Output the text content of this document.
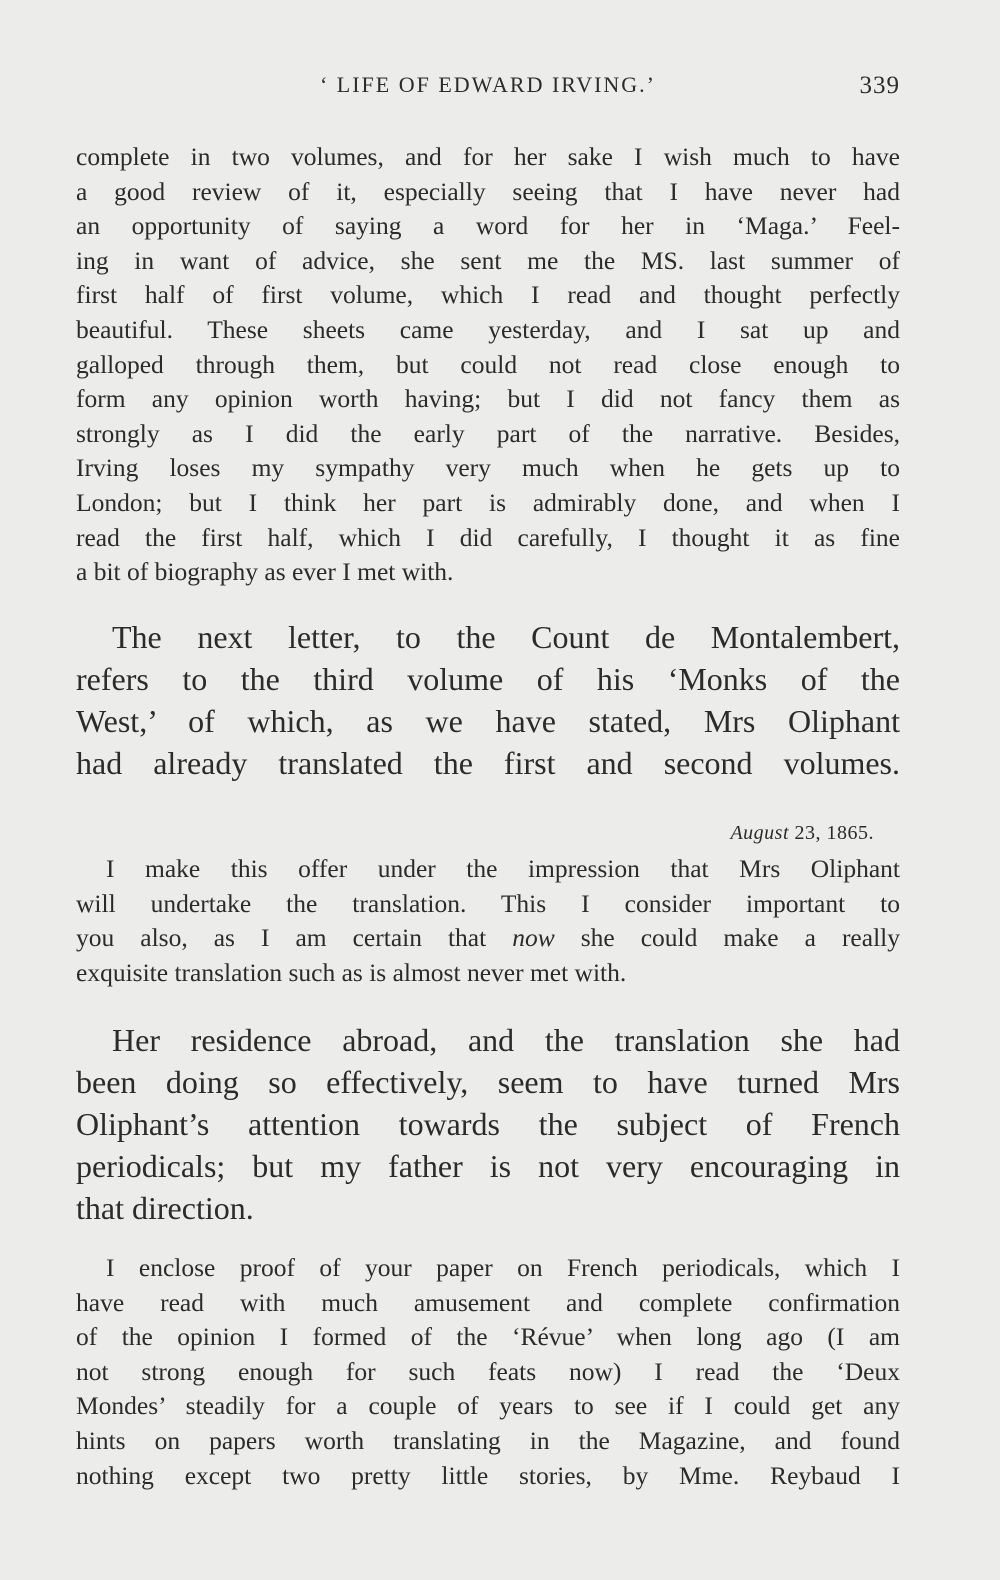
‘ LIFE OF EDWARD IRVING.’	339
complete in two volumes, and for her sake I wish much to have
a good review of it, especially seeing that I have never had
an opportunity of saying a word for her in ‘Maga.’ Feel-
ing in want of advice, she sent me the MS. last summer of
first half of first volume, which I read and thought perfectly
beautiful. These sheets came yesterday, and I sat up and
galloped through them, but could not read close enough to
form any opinion worth having; but I did not fancy them as
strongly as I did the early part of the narrative. Besides,
Irving loses my sympathy very much when he gets up to
London; but I think her part is admirably done, and when I
read the first half, which I did carefully, I thought it as fine
a bit of biography as ever I met with.
The next letter, to the Count de Montalembert,
refers to the third volume of his ‘Monks of the
West,’ of which, as we have stated, Mrs Oliphant
had already translated the first and second volumes.
August 23, 1865.
I make this offer under the impression that Mrs Oliphant
will undertake the translation. This I consider important to
you also, as I am certain that now she could make a really
exquisite translation such as is almost never met with.
Her residence abroad, and the translation she had
been doing so effectively, seem to have turned Mrs
Oliphant’s attention towards the subject of French
periodicals; but my father is not very encouraging in
that direction.
I enclose proof of your paper on French periodicals, which I
have read with much amusement and complete confirmation
of the opinion I formed of the ‘Révue’ when long ago (I am
not strong enough for such feats now) I read the ‘Deux
Mondes’ steadily for a couple of years to see if I could get any
hints on papers worth translating in the Magazine, and found
nothing except two pretty little stories, by Mme. Reybaud I
